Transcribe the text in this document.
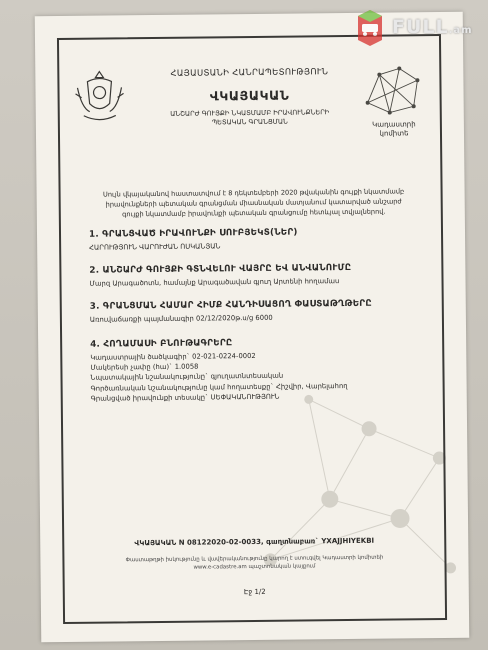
ՀԱՅԱՍՏԱՆԻ ՀԱՆՐԱՊԵՏՈՒԹՅՈՒՆ
ՎԿԱՅԱԿԱՆ
ԱՆՇԱՐԺ ԳՈՒՅՔԻ ՆԿԱՏՄԱՄԲ ԻՐԱՎՈՒՆՔՆԵՐԻ
ՊԵՏԱԿԱՆ ԳՐԱՆՑՄԱՆ	Կադաստրի
կոմիտե
Սույն վկայականով հաստատվում է 8 դեկտեմբերի 2020 թվականին գույքի նկատմամբ
իրավունքների պետական գրանցման միասնական մատյանում կատարված անշարժ
գույքի նկատմամբ իրավունքի պետական գրանցումը հետևյալ տվյալներով.
1. ԳՐԱՆՑՎԱԾ ԻՐԱՎՈՒՆՔԻ ՍՈՒԲՅԵԿՏ(ՆԵՐ)
ՀԱՐՈՒԹՅՈՒՆ ՎԱՐՈՒԺԱՆ ՈՍԿԱՆՅԱՆ
2. ԱՆՇԱՐԺ ԳՈՒՅՔԻ ԳՏՆՎԵԼՈՒ ՎԱՅՐԸ ԵՎ ԱՆՎԱՆՈՒՄԸ
Մարզ Արագածոտն, համայնք Արագածավան գյուղ Արտենի հողամաս
3. ԳՐԱՆՑՄԱՆ ՀԱՄԱՐ ՀԻՄՔ ՀԱՆԴԻՍԱՑՈՂ ՓԱՍՏԱԹՂԹԵՐԸ
Առուվաճառքի պայմանագիր 02/12/2020թ.ս/ց 6000
4. ՀՈՂԱՄԱՍԻ ԲՆՈՒԹԱԳՐԵՐԸ
Կադաստրային ծածկագիր` 02-021-0224-0002
Մակերեսի չափը (հա)` 1.0058
Նպատակային նշանակությունը` գյուղատնտեսական
Գործառնական նշանակությունը կամ հողատեսքը` Հիշվիր, Վարելահող
Գրանցված իրավունքի տեսակը` ՍԵՓԱԿԱՆՈՒԹՅՈՒՆ
ՎԿԱՅԱԿԱՆ N 08122020-02-0033, գաղտնաբառ` YXAJJHIYEKBI
Փաստաթղթի իսկությունը և վավերականությունը կարող է ստուգվել Կադաստրի կոմիտեի
www.e-cadastre.am պաշտոնական կայքում
Էջ 1/2
FULL.am
